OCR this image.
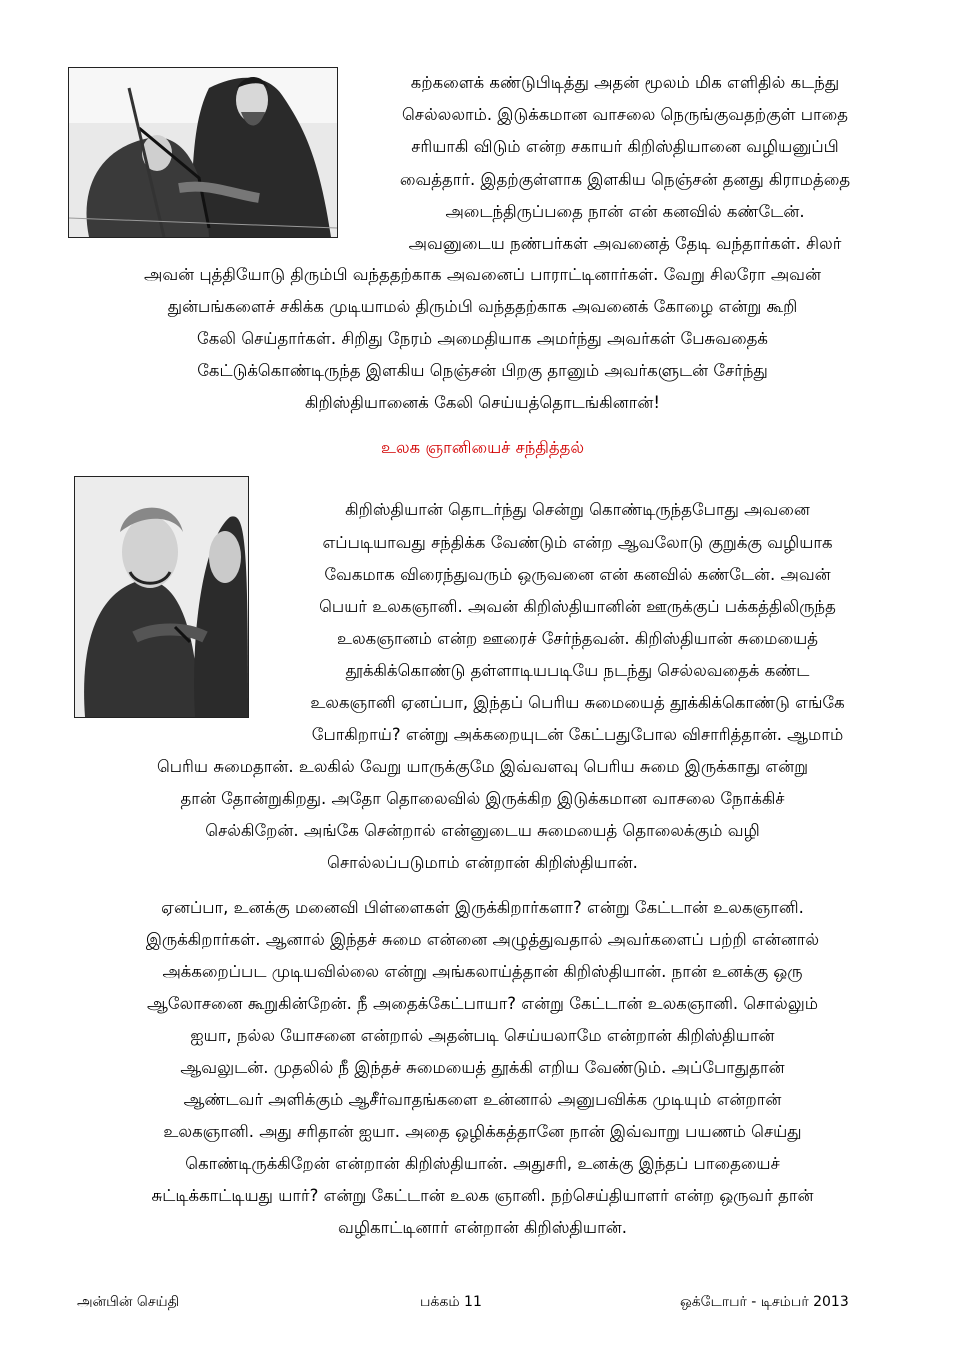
கற்களைக் கண்டுபிடித்து அதன் மூலம் மிக எளிதில் கடந்து
செல்லலாம். இடுக்கமான வாசலை நெருங்குவதற்குள் பாதை
சரியாகி விடும் என்ற சகாயர் கிறிஸ்தியானை வழியனுப்பி
வைத்தார். இதற்குள்ளாக இளகிய நெஞ்சன் தனது கிராமத்தை
அடைந்திருப்பதை நான் என் கனவில் கண்டேன்.
அவனுடைய நண்பர்கள் அவனைத் தேடி வந்தார்கள். சிலர்
அவன் புத்தியோடு திரும்பி வந்ததற்காக அவனைப் பாராட்டினார்கள். வேறு சிலரோ அவன்
துன்பங்களைச் சகிக்க முடியாமல் திரும்பி வந்ததற்காக அவனைக் கோழை என்று கூறி
கேலி செய்தார்கள். சிறிது நேரம் அமைதியாக அமர்ந்து அவர்கள் பேசுவதைக்
கேட்டுக்கொண்டிருந்த இளகிய நெஞ்சன் பிறகு தானும் அவர்களுடன் சேர்ந்து
கிறிஸ்தியானைக் கேலி செய்யத்தொடங்கினான்!
உலக ஞானியைச் சந்தித்தல்
கிறிஸ்தியான் தொடர்ந்து சென்று கொண்டிருந்தபோது அவனை
எப்படியாவது சந்திக்க வேண்டும் என்ற ஆவலோடு குறுக்கு வழியாக
வேகமாக விரைந்துவரும் ஒருவனை என் கனவில் கண்டேன். அவன்
பெயர் உலகஞானி. அவன் கிறிஸ்தியானின் ஊருக்குப் பக்கத்திலிருந்த
உலகஞானம் என்ற ஊரைச் சேர்ந்தவன். கிறிஸ்தியான் சுமையைத்
தூக்கிக்கொண்டு தள்ளாடியபடியே நடந்து செல்லவதைக் கண்ட
உலகஞானி ஏனப்பா, இந்தப் பெரிய சுமையைத் தூக்கிக்கொண்டு எங்கே
போகிறாய்? என்று அக்கறையுடன் கேட்பதுபோல விசாரித்தான். ஆமாம்
பெரிய சுமைதான். உலகில் வேறு யாருக்குமே இவ்வளவு பெரிய சுமை இருக்காது என்று
தான் தோன்றுகிறது. அதோ தொலைவில் இருக்கிற இடுக்கமான வாசலை நோக்கிச்
செல்கிறேன். அங்கே சென்றால் என்னுடைய சுமையைத் தொலைக்கும் வழி
சொல்லப்படுமாம் என்றான் கிறிஸ்தியான்.
ஏனப்பா, உனக்கு மனைவி பிள்ளைகள் இருக்கிறார்களா? என்று கேட்டான் உலகஞானி.
இருக்கிறார்கள். ஆனால் இந்தச் சுமை என்னை அழுத்துவதால் அவர்களைப் பற்றி என்னால்
அக்கறைப்பட முடியவில்லை என்று அங்கலாய்த்தான் கிறிஸ்தியான். நான் உனக்கு ஒரு
ஆலோசனை கூறுகின்றேன். நீ அதைக்கேட்பாயா? என்று கேட்டான் உலகஞானி. சொல்லும்
ஐயா, நல்ல யோசனை என்றால் அதன்படி செய்யலாமே என்றான் கிறிஸ்தியான்
ஆவலுடன். முதலில் நீ இந்தச் சுமையைத் தூக்கி எறிய வேண்டும். அப்போதுதான்
ஆண்டவர் அளிக்கும் ஆசீர்வாதங்களை உன்னால் அனுபவிக்க முடியும் என்றான்
உலகஞானி. அது சரிதான் ஐயா. அதை ஒழிக்கத்தானே நான் இவ்வாறு பயணம் செய்து
கொண்டிருக்கிறேன் என்றான் கிறிஸ்தியான். அதுசரி, உனக்கு இந்தப் பாதையைச்
சுட்டிக்காட்டியது யார்? என்று கேட்டான் உலக ஞானி. நற்செய்தியாளர் என்ற ஒருவர் தான்
வழிகாட்டினார் என்றான் கிறிஸ்தியான்.
அன்பின் செய்தி	பக்கம் 11	ஒக்டோபர் - டிசம்பர் 2013
